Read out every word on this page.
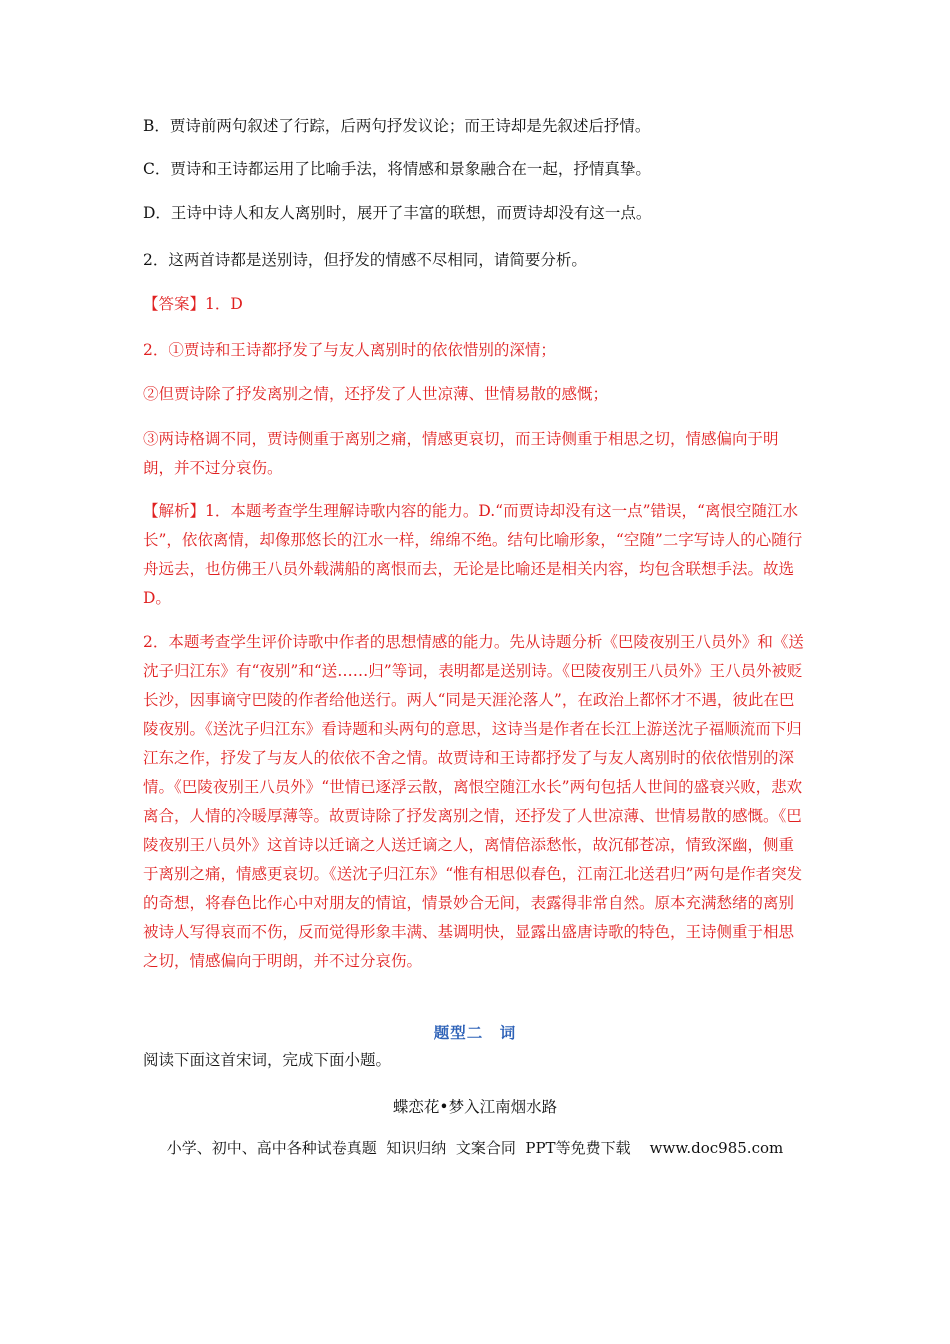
B．贾诗前两句叙述了行踪，后两句抒发议论；而王诗却是先叙述后抒情。

C．贾诗和王诗都运用了比喻手法，将情感和景象融合在一起，抒情真挚。

D．王诗中诗人和友人离别时，展开了丰富的联想，而贾诗却没有这一点。

2．这两首诗都是送别诗，但抒发的情感不尽相同，请简要分析。

【答案】1．D

2．①贾诗和王诗都抒发了与友人离别时的依依惜别的深情；

②但贾诗除了抒发离别之情，还抒发了人世凉薄、世情易散的感慨；

③两诗格调不同，贾诗侧重于离别之痛，情感更哀切，而王诗侧重于相思之切，情感偏向于明朗，并不过分哀伤。

【解析】1．本题考查学生理解诗歌内容的能力。D.“而贾诗却没有这一点”错误，“离恨空随江水长”，依依离情，却像那悠长的江水一样，绵绵不绝。结句比喻形象，“空随”二字写诗人的心随行舟远去，也仿佛王八员外载满船的离恨而去，无论是比喻还是相关内容，均包含联想手法。故选D。

2．本题考查学生评价诗歌中作者的思想情感的能力。先从诗题分析《巴陵夜别王八员外》和《送沈子归江东》有“夜别”和“送……归”等词，表明都是送别诗。《巴陵夜别王八员外》王八员外被贬长沙，因事谪守巴陵的作者给他送行。两人“同是天涯沦落人”，在政治上都怀才不遇，彼此在巴陵夜别。《送沈子归江东》看诗题和头两句的意思，这诗当是作者在长江上游送沈子福顺流而下归江东之作，抒发了与友人的依依不舍之情。故贾诗和王诗都抒发了与友人离别时的依依惜别的深情。《巴陵夜别王八员外》“世情已逐浮云散，离恨空随江水长”两句包括人世间的盛衰兴败，悲欢离合，人情的冷暖厚薄等。故贾诗除了抒发离别之情，还抒发了人世凉薄、世情易散的感慨。《巴陵夜别王八员外》这首诗以迁谪之人送迁谪之人，离情倍添愁怅，故沉郁苍凉，情致深幽，侧重于离别之痛，情感更哀切。《送沈子归江东》“惟有相思似春色，江南江北送君归”两句是作者突发的奇想，将春色比作心中对朋友的情谊，情景妙合无间，表露得非常自然。原本充满愁绪的离别被诗人写得哀而不伤，反而觉得形象丰满、基调明快，显露出盛唐诗歌的特色，王诗侧重于相思之切，情感偏向于明朗，并不过分哀伤。

题型二　词

阅读下面这首宋词，完成下面小题。

蝶恋花•梦入江南烟水路
小学、初中、高中各种试卷真题  知识归纳  文案合同  PPT等免费下载    www.doc985.com
